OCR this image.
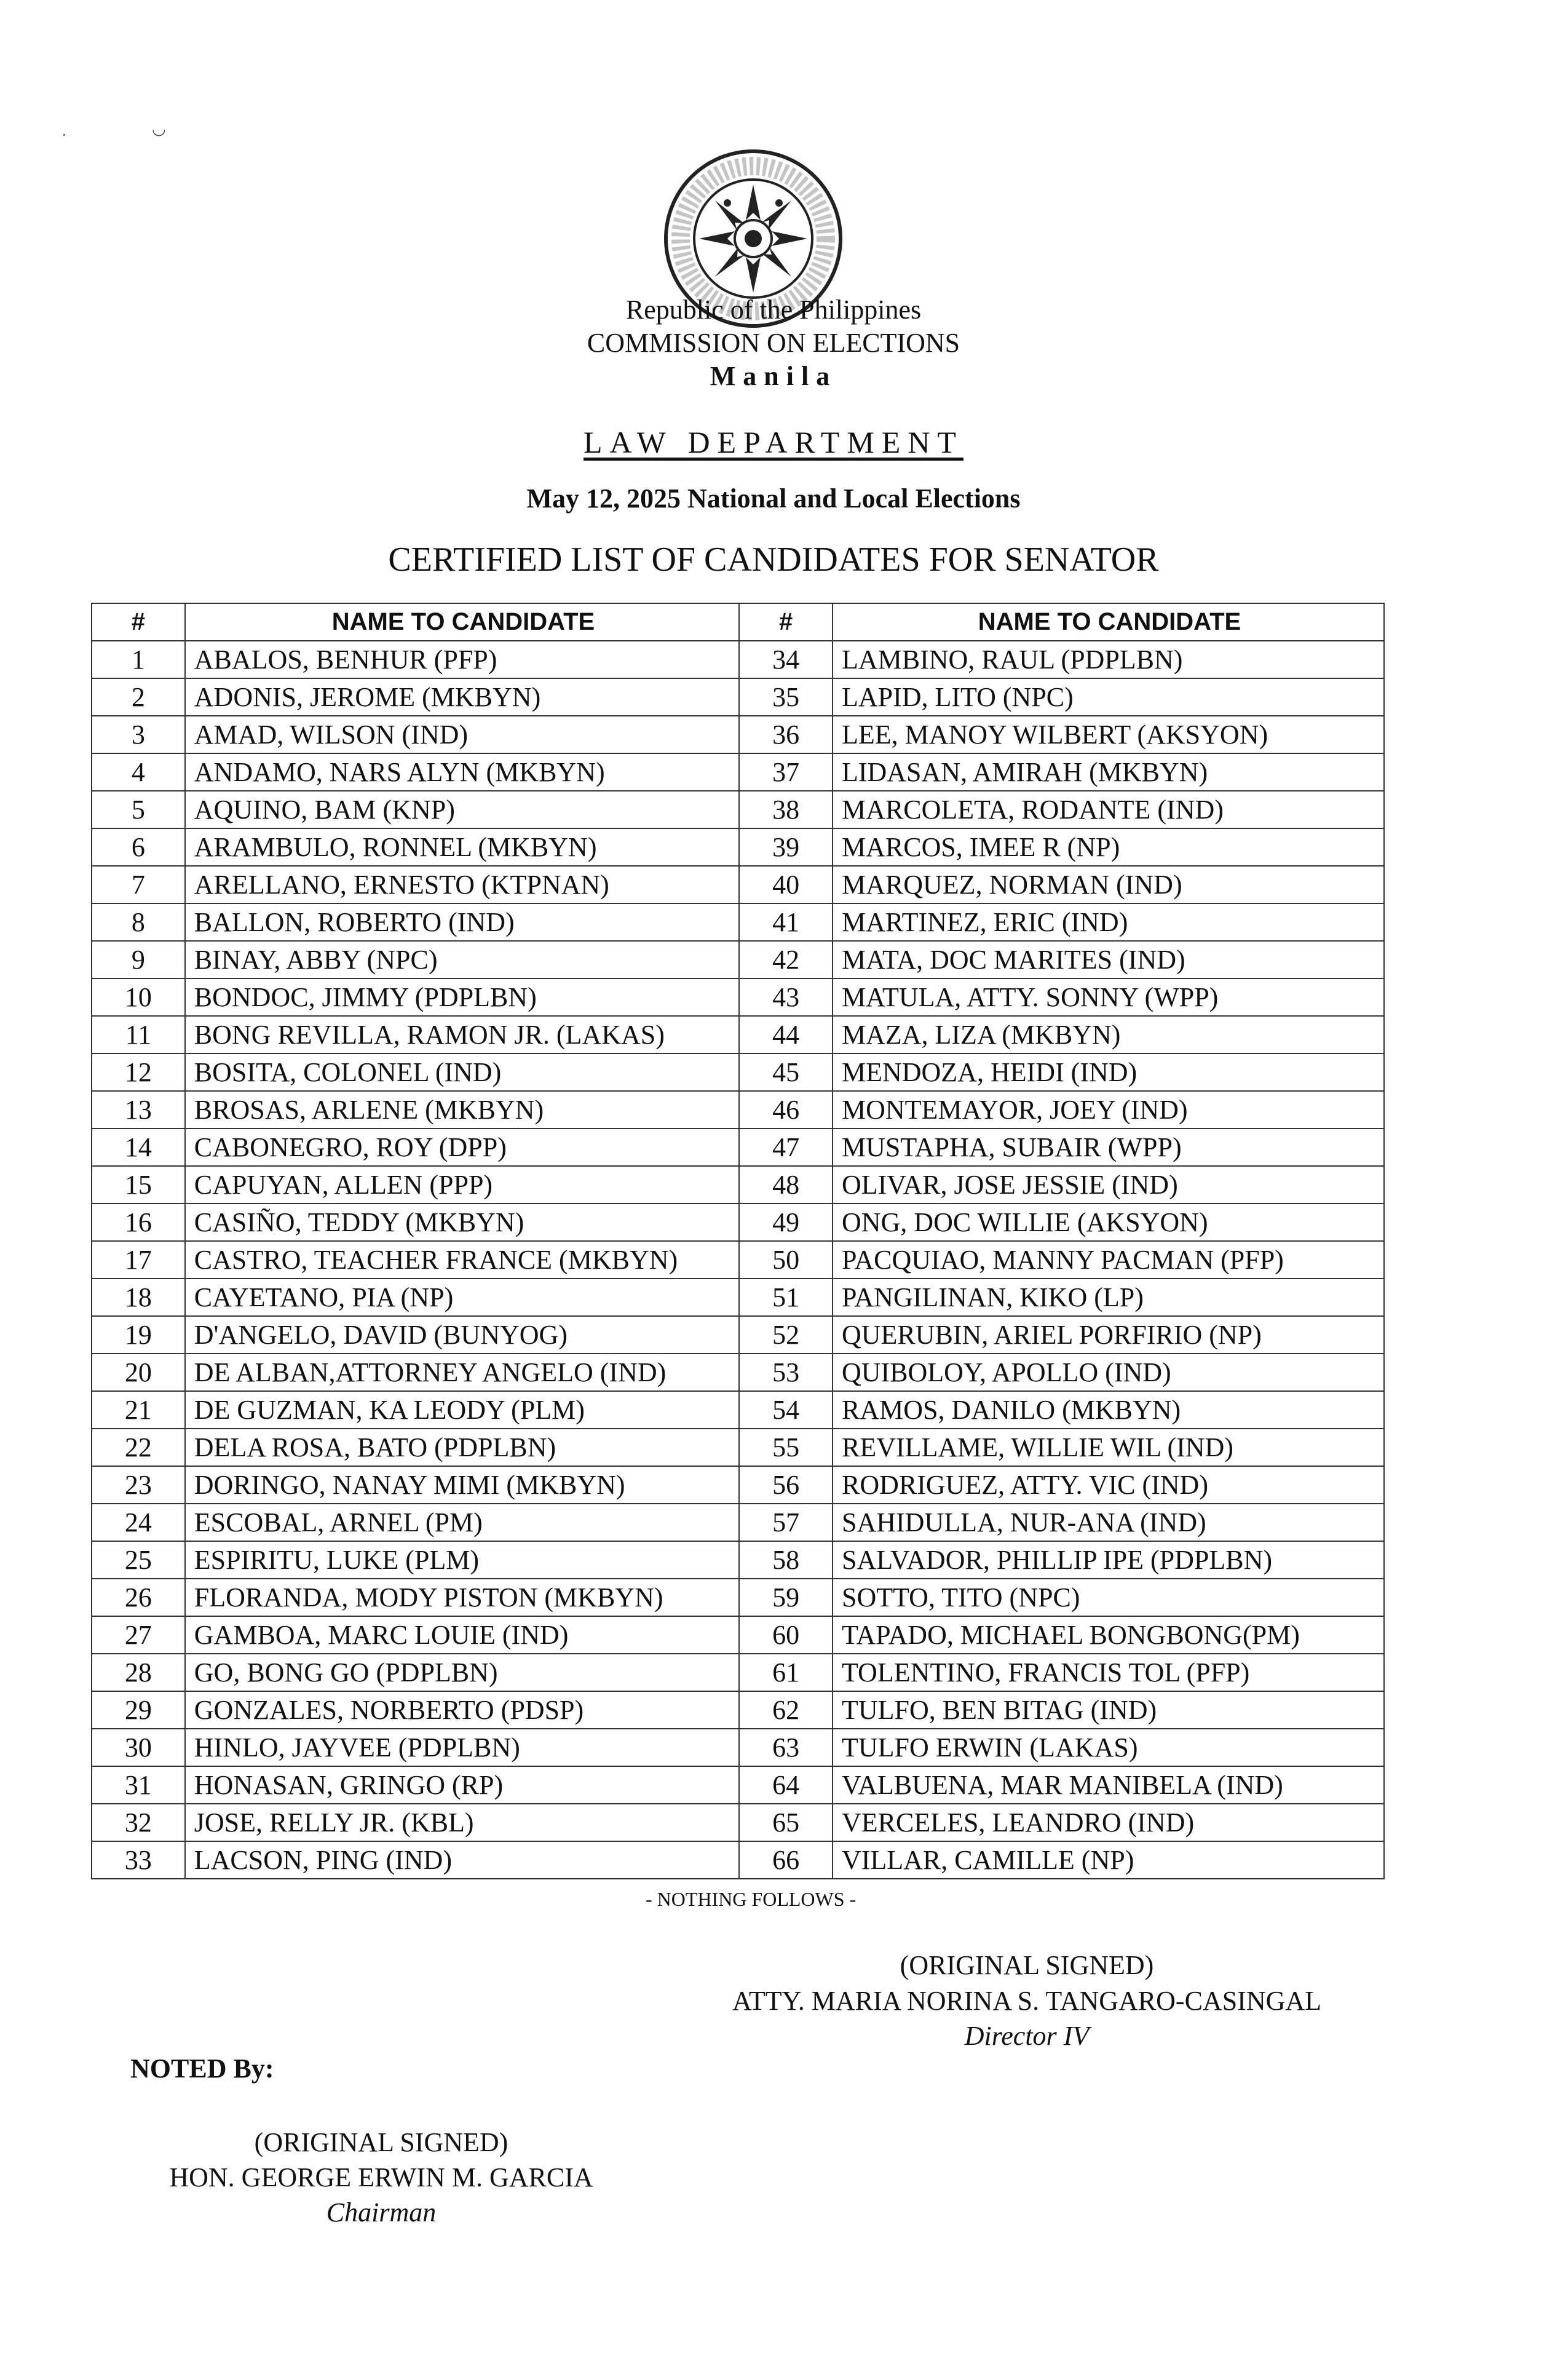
·	◡
Republic of the Philippines
COMMISSION ON ELECTIONS
Manila
LAW DEPARTMENT
May 12, 2025 National and Local Elections
CERTIFIED LIST OF CANDIDATES FOR SENATOR
#	NAME TO CANDIDATE	#	NAME TO CANDIDATE
1	ABALOS, BENHUR (PFP)	34	LAMBINO, RAUL (PDPLBN)
2	ADONIS, JEROME (MKBYN)	35	LAPID, LITO (NPC)
3	AMAD, WILSON (IND)	36	LEE, MANOY WILBERT (AKSYON)
4	ANDAMO, NARS ALYN (MKBYN)	37	LIDASAN, AMIRAH (MKBYN)
5	AQUINO, BAM (KNP)	38	MARCOLETA, RODANTE (IND)
6	ARAMBULO, RONNEL (MKBYN)	39	MARCOS, IMEE R (NP)
7	ARELLANO, ERNESTO (KTPNAN)	40	MARQUEZ, NORMAN (IND)
8	BALLON, ROBERTO (IND)	41	MARTINEZ, ERIC (IND)
9	BINAY, ABBY (NPC)	42	MATA, DOC MARITES (IND)
10	BONDOC, JIMMY (PDPLBN)	43	MATULA, ATTY. SONNY (WPP)
11	BONG REVILLA, RAMON JR. (LAKAS)	44	MAZA, LIZA (MKBYN)
12	BOSITA, COLONEL (IND)	45	MENDOZA, HEIDI (IND)
13	BROSAS, ARLENE (MKBYN)	46	MONTEMAYOR, JOEY (IND)
14	CABONEGRO, ROY (DPP)	47	MUSTAPHA, SUBAIR (WPP)
15	CAPUYAN, ALLEN (PPP)	48	OLIVAR, JOSE JESSIE (IND)
16	CASIÑO, TEDDY (MKBYN)	49	ONG, DOC WILLIE (AKSYON)
17	CASTRO, TEACHER FRANCE (MKBYN)	50	PACQUIAO, MANNY PACMAN (PFP)
18	CAYETANO, PIA (NP)	51	PANGILINAN, KIKO (LP)
19	D'ANGELO, DAVID (BUNYOG)	52	QUERUBIN, ARIEL PORFIRIO (NP)
20	DE ALBAN,ATTORNEY ANGELO (IND)	53	QUIBOLOY, APOLLO (IND)
21	DE GUZMAN, KA LEODY (PLM)	54	RAMOS, DANILO (MKBYN)
22	DELA ROSA, BATO (PDPLBN)	55	REVILLAME, WILLIE WIL (IND)
23	DORINGO, NANAY MIMI (MKBYN)	56	RODRIGUEZ, ATTY. VIC (IND)
24	ESCOBAL, ARNEL (PM)	57	SAHIDULLA, NUR-ANA (IND)
25	ESPIRITU, LUKE (PLM)	58	SALVADOR, PHILLIP IPE (PDPLBN)
26	FLORANDA, MODY PISTON (MKBYN)	59	SOTTO, TITO (NPC)
27	GAMBOA, MARC LOUIE (IND)	60	TAPADO, MICHAEL BONGBONG(PM)
28	GO, BONG GO (PDPLBN)	61	TOLENTINO, FRANCIS TOL (PFP)
29	GONZALES, NORBERTO (PDSP)	62	TULFO, BEN BITAG (IND)
30	HINLO, JAYVEE (PDPLBN)	63	TULFO ERWIN (LAKAS)
31	HONASAN, GRINGO (RP)	64	VALBUENA, MAR MANIBELA (IND)
32	JOSE, RELLY JR. (KBL)	65	VERCELES, LEANDRO (IND)
33	LACSON, PING (IND)	66	VILLAR, CAMILLE (NP)
- NOTHING FOLLOWS -
(ORIGINAL SIGNED)
ATTY. MARIA NORINA S. TANGARO-CASINGAL
Director IV
NOTED By:
(ORIGINAL SIGNED)
HON. GEORGE ERWIN M. GARCIA
Chairman
